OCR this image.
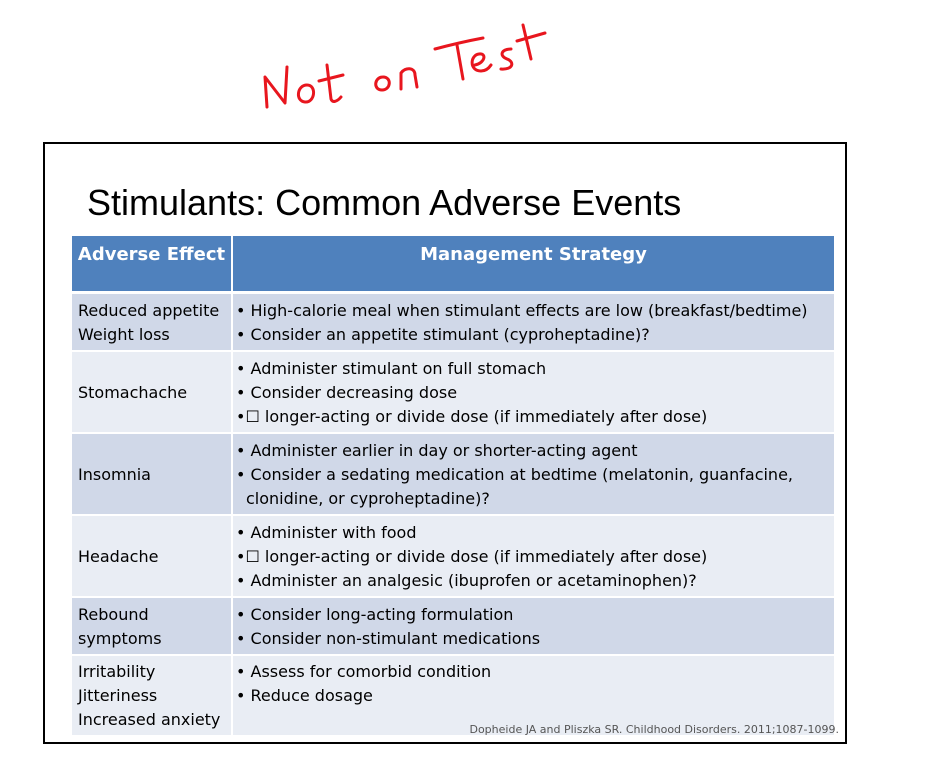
Stimulants: Common Adverse Events
Adverse Effect	Management Strategy

Reduced appetite
Weight loss	• High-calorie meal when stimulant effects are low (breakfast/bedtime)
• Consider an appetite stimulant (cyproheptadine)?

Stomachache	• Administer stimulant on full stomach
• Consider decreasing dose
•☐ longer-acting or divide dose (if immediately after dose)

Insomnia	• Administer earlier in day or shorter-acting agent
• Consider a sedating medication at bedtime (melatonin, guanfacine,
clonidine, or cyproheptadine)?

Headache	• Administer with food
•☐ longer-acting or divide dose (if immediately after dose)
• Administer an analgesic (ibuprofen or acetaminophen)?

Rebound
symptoms	• Consider long-acting formulation
• Consider non-stimulant medications

Irritability
Jitteriness
Increased anxiety	• Assess for comorbid condition
• Reduce dosage
Dopheide JA and Pliszka SR. Childhood Disorders. 2011;1087-1099.
